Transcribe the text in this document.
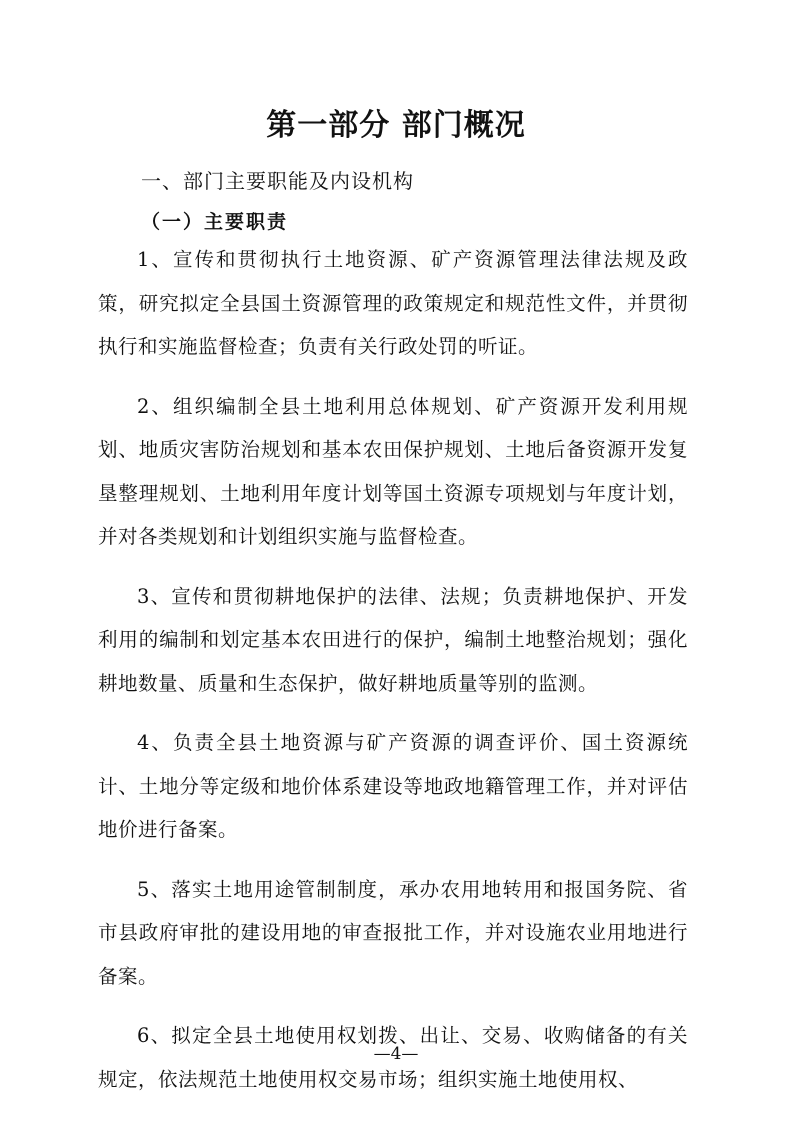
第一部分 部门概况
一、部门主要职能及内设机构
（一）主要职责

1、宣传和贯彻执行土地资源、矿产资源管理法律法规及政策，研究拟定全县国土资源管理的政策规定和规范性文件，并贯彻执行和实施监督检查；负责有关行政处罚的听证。

2、组织编制全县土地利用总体规划、矿产资源开发利用规划、地质灾害防治规划和基本农田保护规划、土地后备资源开发复垦整理规划、土地利用年度计划等国土资源专项规划与年度计划，并对各类规划和计划组织实施与监督检查。

3、宣传和贯彻耕地保护的法律、法规；负责耕地保护、开发利用的编制和划定基本农田进行的保护，编制土地整治规划；强化耕地数量、质量和生态保护，做好耕地质量等别的监测。

4、负责全县土地资源与矿产资源的调查评价、国土资源统计、土地分等定级和地价体系建设等地政地籍管理工作，并对评估地价进行备案。

5、落实土地用途管制制度，承办农用地转用和报国务院、省市县政府审批的建设用地的审查报批工作，并对设施农业用地进行备案。

6、拟定全县土地使用权划拨、出让、交易、收购储备的有关规定，依法规范土地使用权交易市场；组织实施土地使用权、

—4—
